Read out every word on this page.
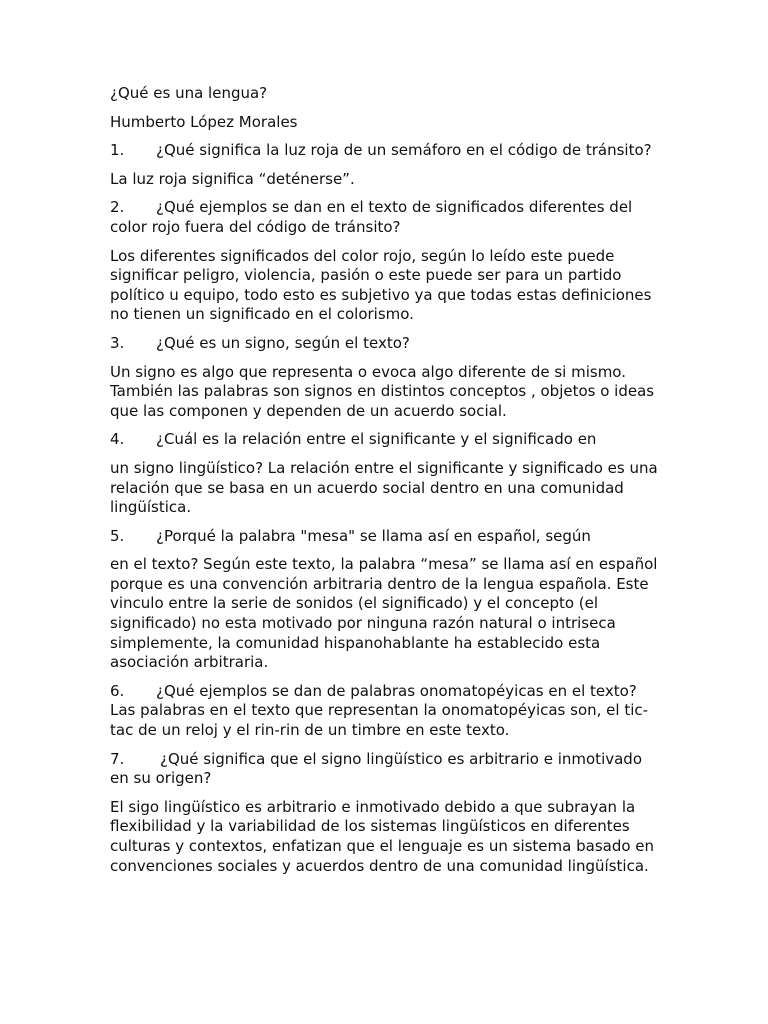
¿Qué es una lengua?

Humberto López Morales

1. ¿Qué significa la luz roja de un semáforo en el código de tránsito?

La luz roja significa “deténerse”.

2. ¿Qué ejemplos se dan en el texto de significados diferentes del color rojo fuera del código de tránsito?

Los diferentes significados del color rojo, según lo leído este puede significar peligro, violencia, pasión o este puede ser para un partido político u equipo, todo esto es subjetivo ya que todas estas definiciones no tienen un significado en el colorismo.

3. ¿Qué es un signo, según el texto?

Un signo es algo que representa o evoca algo diferente de si mismo. También las palabras son signos en distintos conceptos , objetos o ideas que las componen y dependen de un acuerdo social.

4. ¿Cuál es la relación entre el significante y el significado en

un signo lingüístico? La relación entre el significante y significado es una relación que se basa en un acuerdo social dentro en una comunidad lingüística.

5. ¿Porqué la palabra "mesa" se llama así en español, según

en el texto? Según este texto, la palabra “mesa” se llama así en español porque es una convención arbitraria dentro de la lengua española. Este vinculo entre la serie de sonidos (el significado) y el concepto (el significado) no esta motivado por ninguna razón natural o intriseca simplemente, la comunidad hispanohablante ha establecido esta asociación arbitraria.

6. ¿Qué ejemplos se dan de palabras onomatopéyicas en el texto? Las palabras en el texto que representan la onomatopéyicas son, el tic-tac de un reloj y el rin-rin de un timbre en este texto.

7. ¿Qué significa que el signo lingüístico es arbitrario e inmotivado en su origen?

El sigo lingüístico es arbitrario e inmotivado debido a que subrayan la flexibilidad y la variabilidad de los sistemas lingüísticos en diferentes culturas y contextos, enfatizan que el lenguaje es un sistema basado en convenciones sociales y acuerdos dentro de una comunidad lingüística.
